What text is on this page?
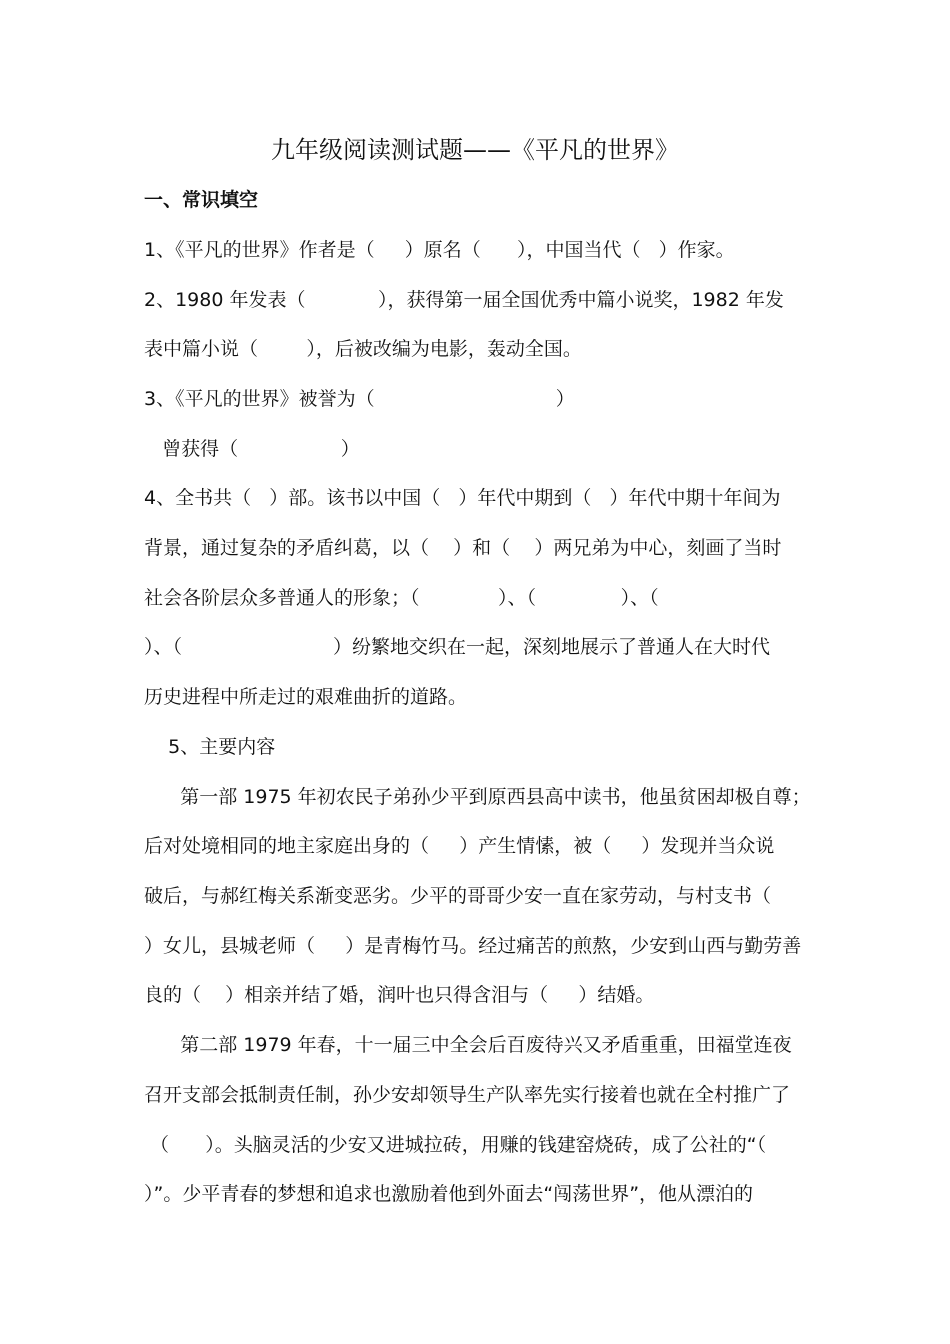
九年级阅读测试题——《平凡的世界》
一、常识填空
1、《平凡的世界》作者是（     ）原名（      ），中国当代（   ）作家。
2、1980 年发表（            ），获得第一届全国优秀中篇小说奖，1982 年发
表中篇小说（        ），后被改编为电影，轰动全国。
3、《平凡的世界》被誉为（                              ）
曾获得（                 ）
4、全书共（   ）部。该书以中国（   ）年代中期到（   ）年代中期十年间为
背景，通过复杂的矛盾纠葛，以（    ）和（    ）两兄弟为中心，刻画了当时
社会各阶层众多普通人的形象；（             ）、（              ）、（
）、（                         ）纷繁地交织在一起，深刻地展示了普通人在大时代
历史进程中所走过的艰难曲折的道路。
5、主要内容
第一部 1975 年初农民子弟孙少平到原西县高中读书，他虽贫困却极自尊；
后对处境相同的地主家庭出身的（     ）产生情愫，被（     ）发现并当众说
破后，与郝红梅关系渐变恶劣。少平的哥哥少安一直在家劳动，与村支书（
）女儿，县城老师（     ）是青梅竹马。经过痛苦的煎熬，少安到山西与勤劳善
良的（    ）相亲并结了婚，润叶也只得含泪与（     ）结婚。
第二部 1979 年春，十一届三中全会后百废待兴又矛盾重重，田福堂连夜
召开支部会抵制责任制，孙少安却领导生产队率先实行接着也就在全村推广了
（      ）。头脑灵活的少安又进城拉砖，用赚的钱建窑烧砖，成了公社的“（
）”。少平青春的梦想和追求也激励着他到外面去“闯荡世界”，他从漂泊的
